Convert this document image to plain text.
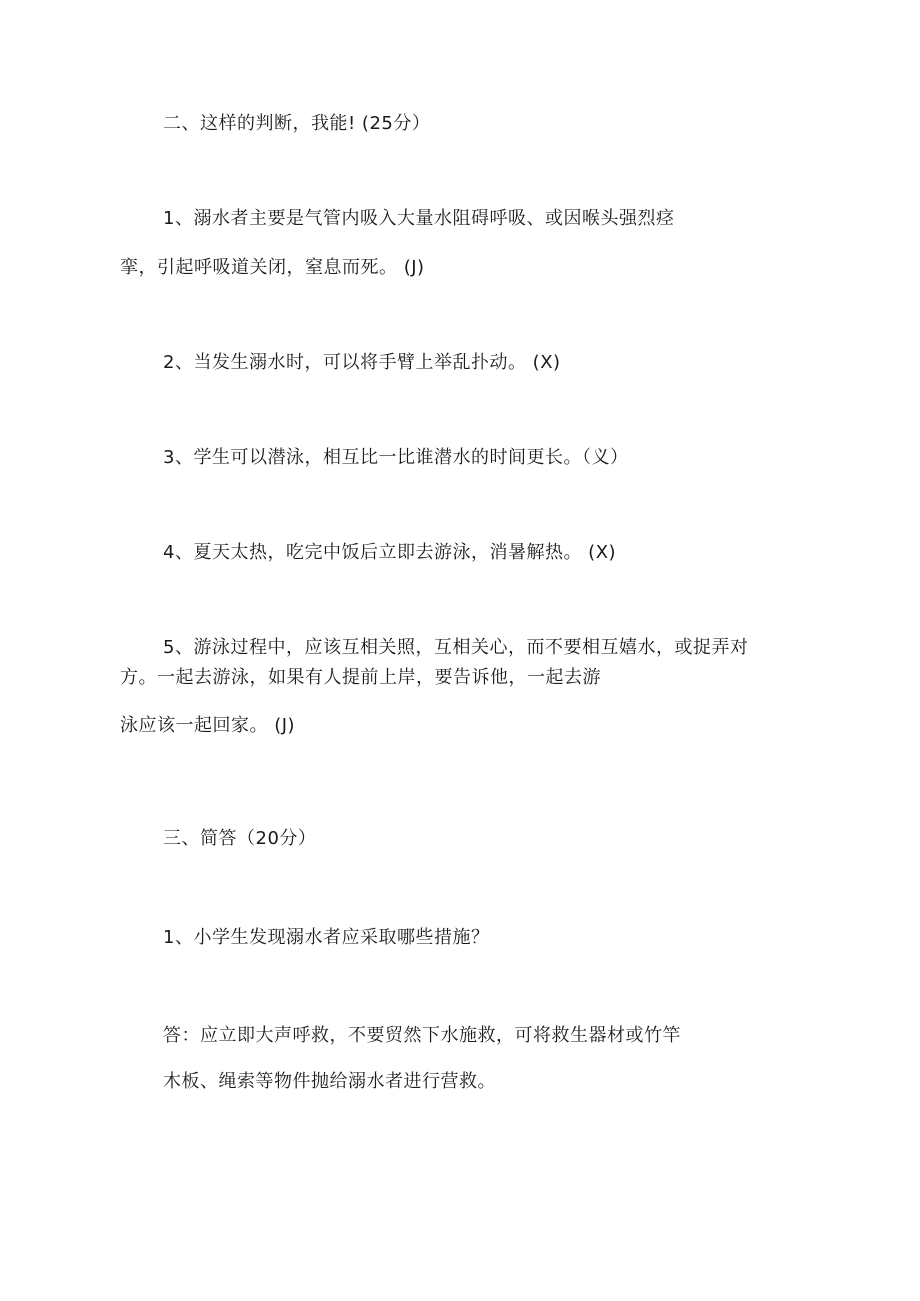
二、这样的判断，我能! (25分）
1、溺水者主要是气管内吸入大量水阻碍呼吸、或因喉头强烈痉
挛，引起呼吸道关闭，窒息而死。 (J)
2、当发生溺水时，可以将手臂上举乱扑动。 (X)
3、学生可以潜泳，相互比一比谁潜水的时间更长。（义）
4、夏天太热，吃完中饭后立即去游泳，消暑解热。 (X)
5、游泳过程中，应该互相关照，互相关心，而不要相互嬉水，或捉弄对
方。一起去游泳，如果有人提前上岸，要告诉他，一起去游
泳应该一起回家。 (J)
三、简答（20分）
1、小学生发现溺水者应采取哪些措施？
答：应立即大声呼救，不要贸然下水施救，可将救生器材或竹竿
木板、绳索等物件抛给溺水者进行营救。
